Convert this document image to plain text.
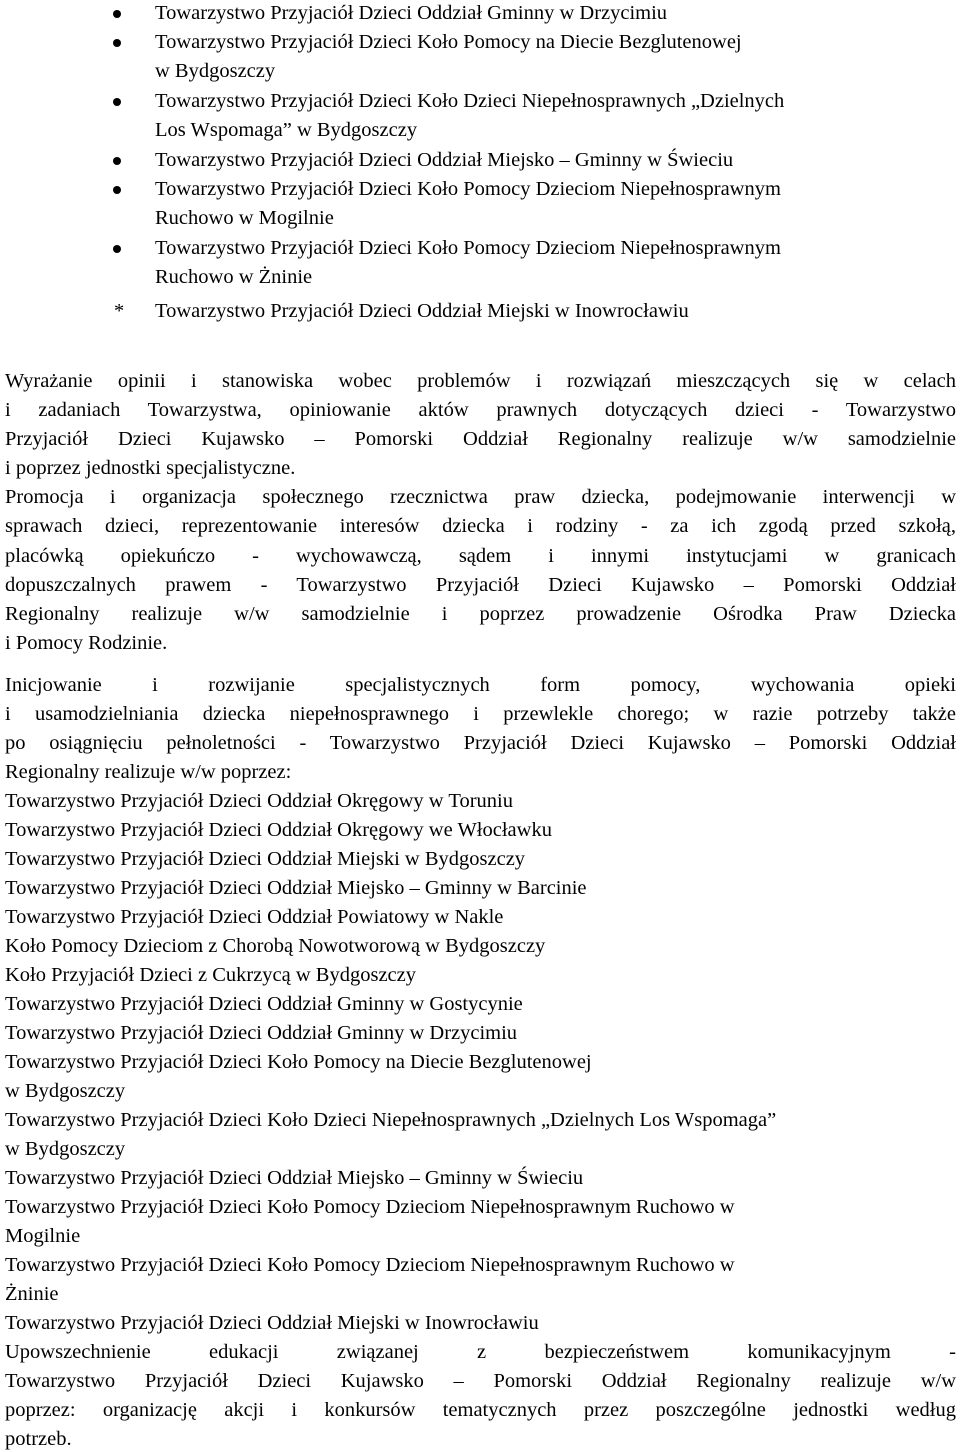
Towarzystwo Przyjaciół Dzieci Oddział Gminny w Drzycimiu
Towarzystwo Przyjaciół Dzieci Koło Pomocy na Diecie Bezglutenowej
w Bydgoszczy
Towarzystwo Przyjaciół Dzieci Koło Dzieci Niepełnosprawnych „Dzielnych
Los Wspomaga” w Bydgoszczy
Towarzystwo Przyjaciół Dzieci Oddział Miejsko – Gminny w Świeciu
Towarzystwo Przyjaciół Dzieci Koło Pomocy Dzieciom Niepełnosprawnym
Ruchowo w Mogilnie
Towarzystwo Przyjaciół Dzieci Koło Pomocy Dzieciom Niepełnosprawnym
Ruchowo w Żninie
* Towarzystwo Przyjaciół Dzieci Oddział Miejski w Inowrocławiu
Wyrażanie opinii i stanowiska wobec problemów i rozwiązań mieszczących się w celach
i zadaniach Towarzystwa, opiniowanie aktów prawnych dotyczących dzieci - Towarzystwo
Przyjaciół Dzieci Kujawsko – Pomorski Oddział Regionalny realizuje w/w samodzielnie
i poprzez jednostki specjalistyczne.
Promocja i organizacja społecznego rzecznictwa praw dziecka, podejmowanie interwencji w
sprawach dzieci, reprezentowanie interesów dziecka i rodziny - za ich zgodą przed szkołą,
placówką opiekuńczo - wychowawczą, sądem i innymi instytucjami w granicach
dopuszczalnych prawem - Towarzystwo Przyjaciół Dzieci Kujawsko – Pomorski Oddział
Regionalny realizuje w/w samodzielnie i poprzez prowadzenie Ośrodka Praw Dziecka
i Pomocy Rodzinie.
Inicjowanie i rozwijanie specjalistycznych form pomocy, wychowania opieki
i usamodzielniania dziecka niepełnosprawnego i przewlekle chorego; w razie potrzeby także
po osiągnięciu pełnoletności - Towarzystwo Przyjaciół Dzieci Kujawsko – Pomorski Oddział
Regionalny realizuje w/w poprzez:
Towarzystwo Przyjaciół Dzieci Oddział Okręgowy w Toruniu
Towarzystwo Przyjaciół Dzieci Oddział Okręgowy we Włocławku
Towarzystwo Przyjaciół Dzieci Oddział Miejski w Bydgoszczy
Towarzystwo Przyjaciół Dzieci Oddział Miejsko – Gminny w Barcinie
Towarzystwo Przyjaciół Dzieci Oddział Powiatowy w Nakle
Koło Pomocy Dzieciom z Chorobą Nowotworową w Bydgoszczy
Koło Przyjaciół Dzieci z Cukrzycą w Bydgoszczy
Towarzystwo Przyjaciół Dzieci Oddział Gminny w Gostycynie
Towarzystwo Przyjaciół Dzieci Oddział Gminny w Drzycimiu
Towarzystwo Przyjaciół Dzieci Koło Pomocy na Diecie Bezglutenowej
w Bydgoszczy
Towarzystwo Przyjaciół Dzieci Koło Dzieci Niepełnosprawnych „Dzielnych Los Wspomaga”
w Bydgoszczy
Towarzystwo Przyjaciół Dzieci Oddział Miejsko – Gminny w Świeciu
Towarzystwo Przyjaciół Dzieci Koło Pomocy Dzieciom Niepełnosprawnym Ruchowo w
Mogilnie
Towarzystwo Przyjaciół Dzieci Koło Pomocy Dzieciom Niepełnosprawnym Ruchowo w
Żninie
Towarzystwo Przyjaciół Dzieci Oddział Miejski w Inowrocławiu
Upowszechnienie edukacji związanej z bezpieczeństwem komunikacyjnym -
Towarzystwo Przyjaciół Dzieci Kujawsko – Pomorski Oddział Regionalny realizuje w/w
poprzez: organizację akcji i konkursów tematycznych przez poszczególne jednostki według
potrzeb.
